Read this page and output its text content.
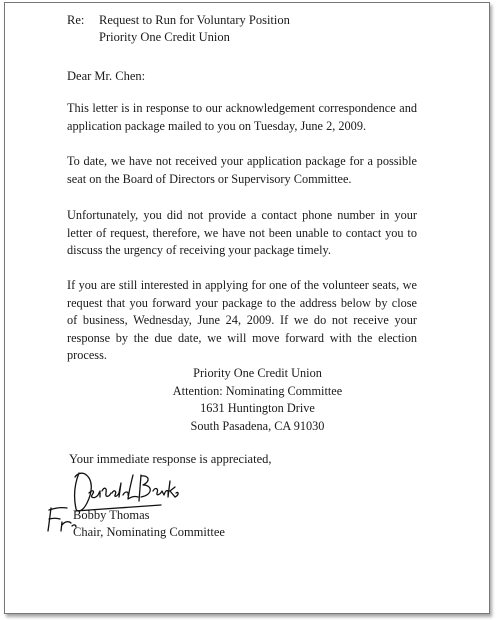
Re: Request to Run for Voluntary Position
Priority One Credit Union
Dear Mr. Chen:

This letter is in response to our acknowledgement correspondence and application package mailed to you on Tuesday, June 2, 2009.

To date, we have not received your application package for a possible seat on the Board of Directors or Supervisory Committee.

Unfortunately, you did not provide a contact phone number in your letter of request, therefore, we have not been unable to contact you to discuss the urgency of receiving your package timely.

If you are still interested in applying for one of the volunteer seats, we request that you forward your package to the address below by close of business, Wednesday, June 24, 2009. If we do not receive your response by the due date, we will move forward with the election process.

Priority One Credit Union
Attention: Nominating Committee
1631 Huntington Drive
South Pasadena, CA 91030
Your immediate response is appreciated,
Bobby Thomas
Chair, Nominating Committee
